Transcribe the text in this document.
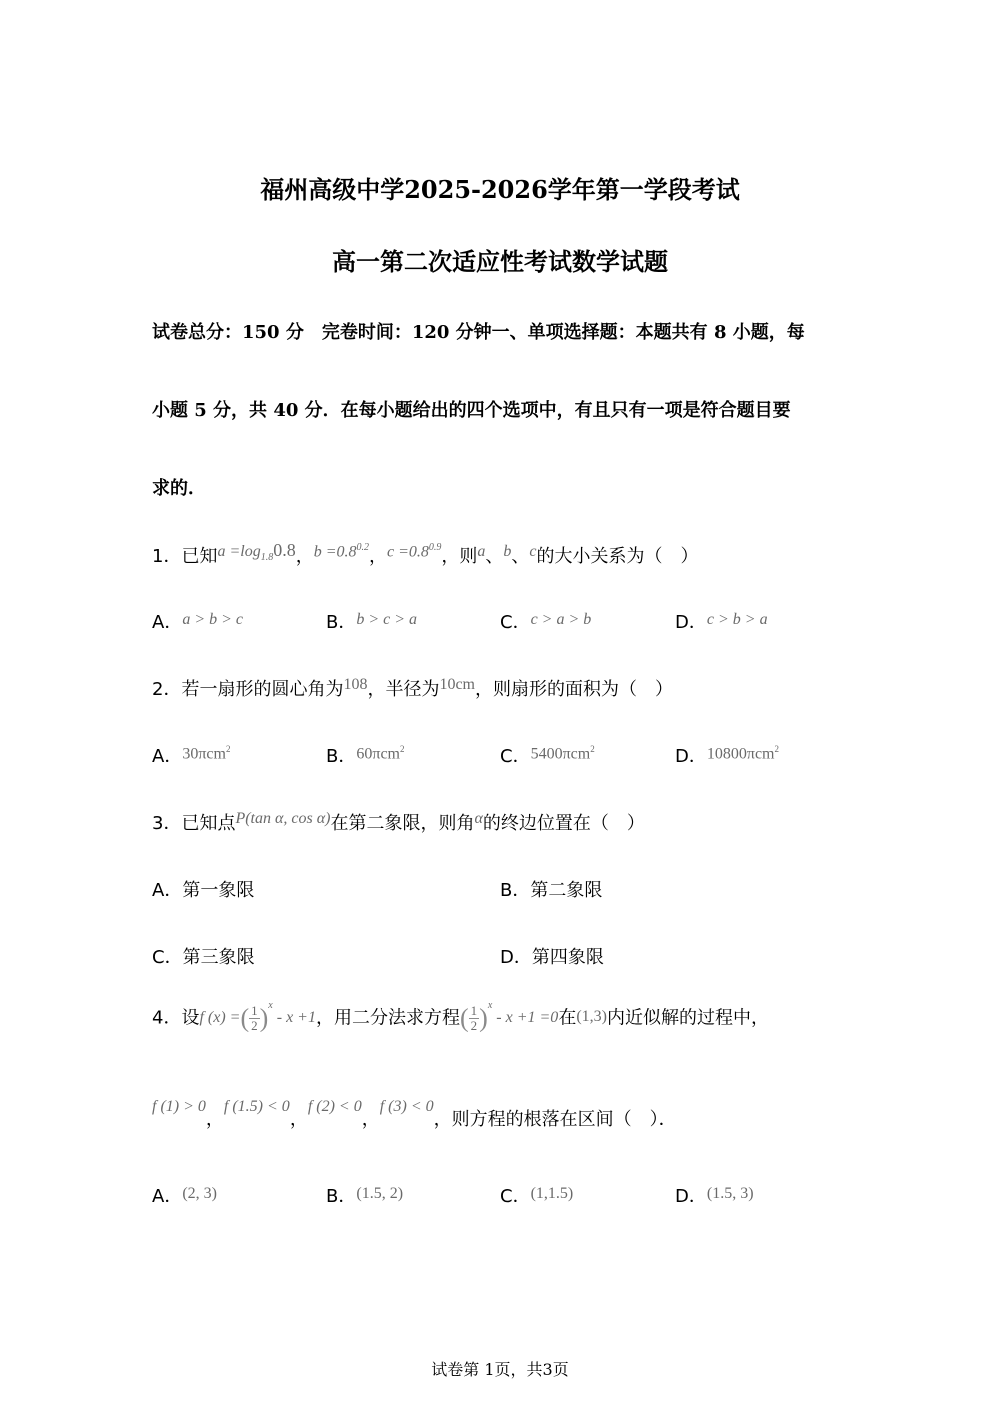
福州高级中学2025-2026学年第一学段考试
高一第二次适应性考试数学试题
试卷总分：150 分　完卷时间：120 分钟一、单项选择题：本题共有 8 小题，每
小题 5 分，共 40 分．在每小题给出的四个选项中，有且只有一项是符合题目要
求的．
1．已知$a =\log_{1.8}0.8$，$b =0.8^{0.2}$，$c =0.8^{0.9}$，则a、b、c的大小关系为（　）
A．a > b > c	B．b > c > a	C．c > a > b	D．c > b > a
2．若一扇形的圆心角为108，半径为10cm，则扇形的面积为（　）
A．30πcm$^2$	B．60πcm$^2$	C．5400πcm$^2$	D．10800πcm$^2$
3．已知点P(tan α, cos α)在第二象限，则角α的终边位置在（　）
A．第一象限	B．第二象限
C．第三象限	D．第四象限
4．设f (x) =( $\frac{1}{2} )^x - x +1$，用二分法求方程( $\frac{1}{2} )^x - x +1 =0$在(1,3)内近似解的过程中，
f (1) > 0，f (1.5) < 0，f (2) < 0，f (3) < 0，则方程的根落在区间（　）．
A．(2, 3)	B．(1.5, 2)	C．(1,1.5)	D．(1.5, 3)
试卷第 1页，共3页
